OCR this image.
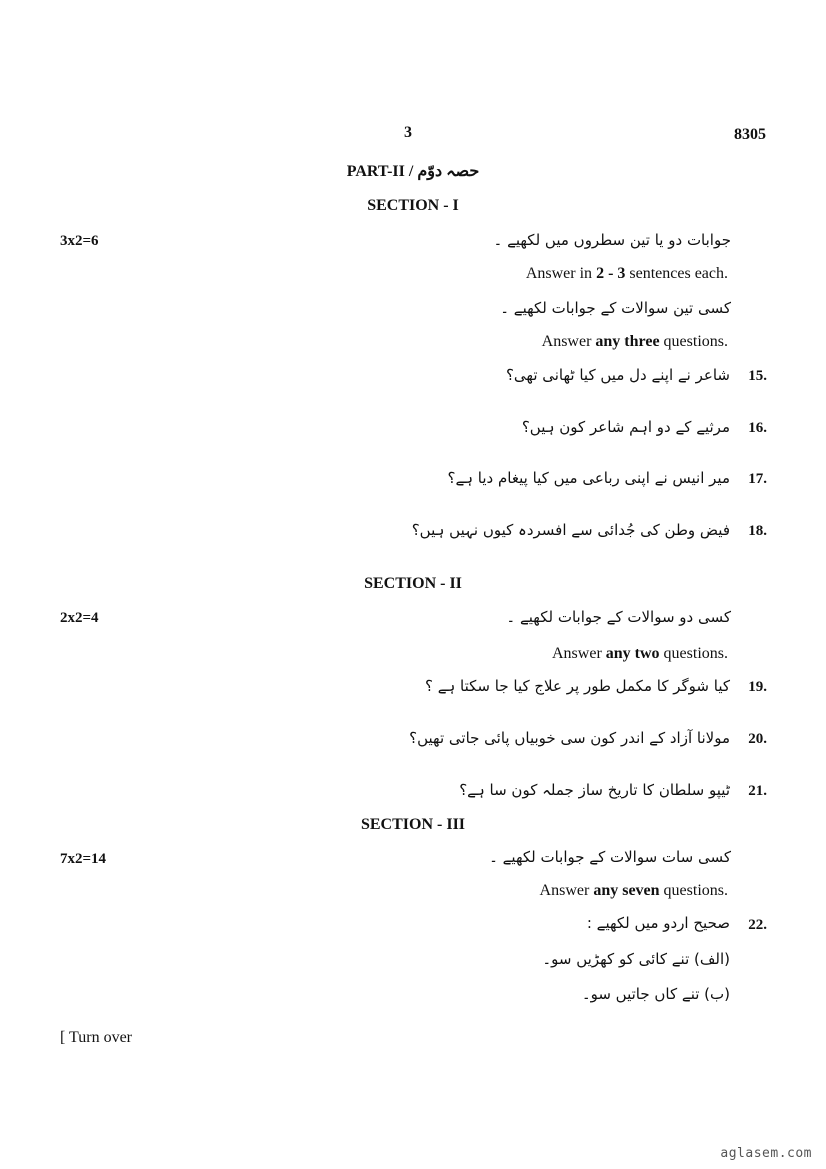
3	8305
PART-II / حصہ دوّم
SECTION - I
3x2=6	جوابات دو یا تین سطروں میں لکھیے ۔
Answer in 2 - 3 sentences each.
کسی تین سوالات کے جوابات لکھیے ۔
Answer any three questions.
15.
شاعر نے اپنے دل میں کیا ٹھانی تھی؟
16.
مرثیے کے دو اہم شاعر کون ہیں؟
17.
میر انیس نے اپنی رباعی میں کیا پیغام دیا ہے؟
18.
فیض وطن کی جُدائی سے افسردہ کیوں نہیں ہیں؟
SECTION - II
2x2=4	کسی دو سوالات کے جوابات لکھیے ۔
Answer any two questions.
19.
کیا شوگر کا مکمل طور پر علاج کیا جا سکتا ہے ؟
20.
مولانا آزاد کے اندر کون سی خوبیاں پائی جاتی تھیں؟
21.
ٹیپو سلطان کا تاریخ ساز جملہ کون سا ہے؟
SECTION - III
7x2=14	کسی سات سوالات کے جوابات لکھیے ۔
Answer any seven questions.
22.
صحیح اردو میں لکھیے :
(الف) تنے کائی کو کھڑیں سو۔
(ب) تنے کاں جاتیں سو۔
[ Turn over
aglasem.com
